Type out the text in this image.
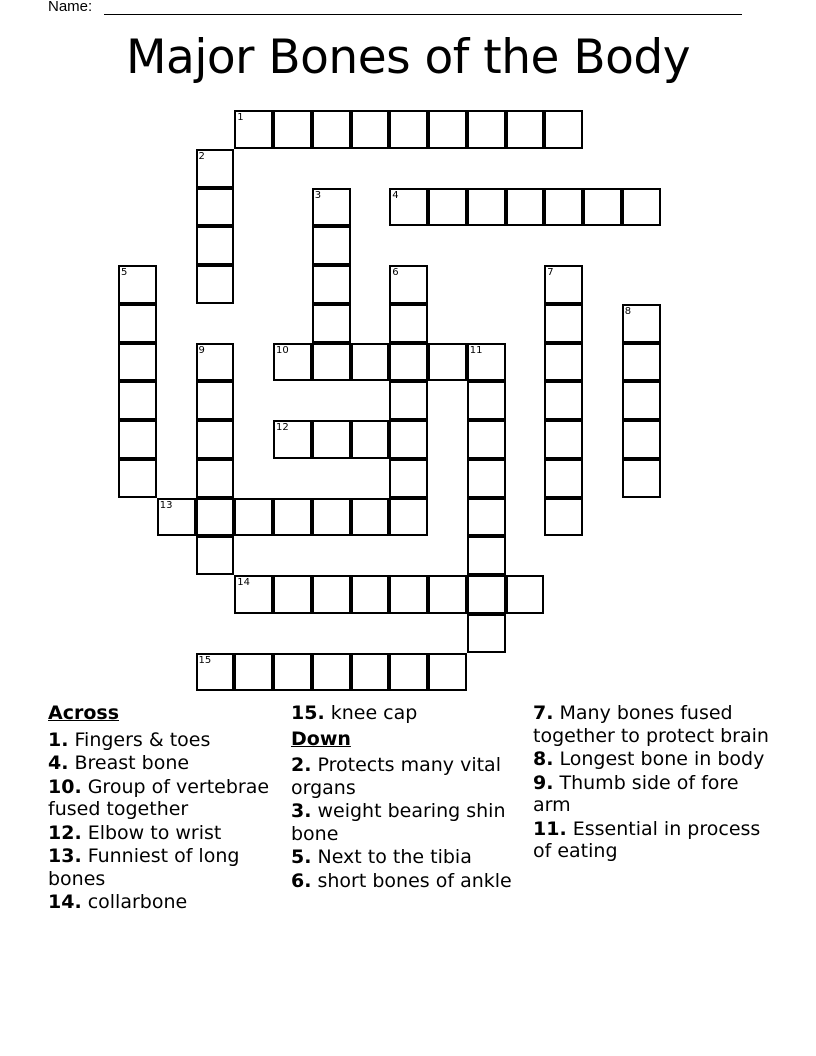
Name:
Major Bones of the Body
1
2
3	4
5	6	7
8
9	10	11
12
13
14
15
Across
1. Fingers & toes
4. Breast bone
10. Group of vertebrae fused together
12. Elbow to wrist
13. Funniest of long bones
14. collarbone
15. knee cap
Down
2. Protects many vital organs
3. weight bearing shin bone
5. Next to the tibia
6. short bones of ankle
7. Many bones fused together to protect brain
8. Longest bone in body
9. Thumb side of fore arm
11. Essential in process of eating
